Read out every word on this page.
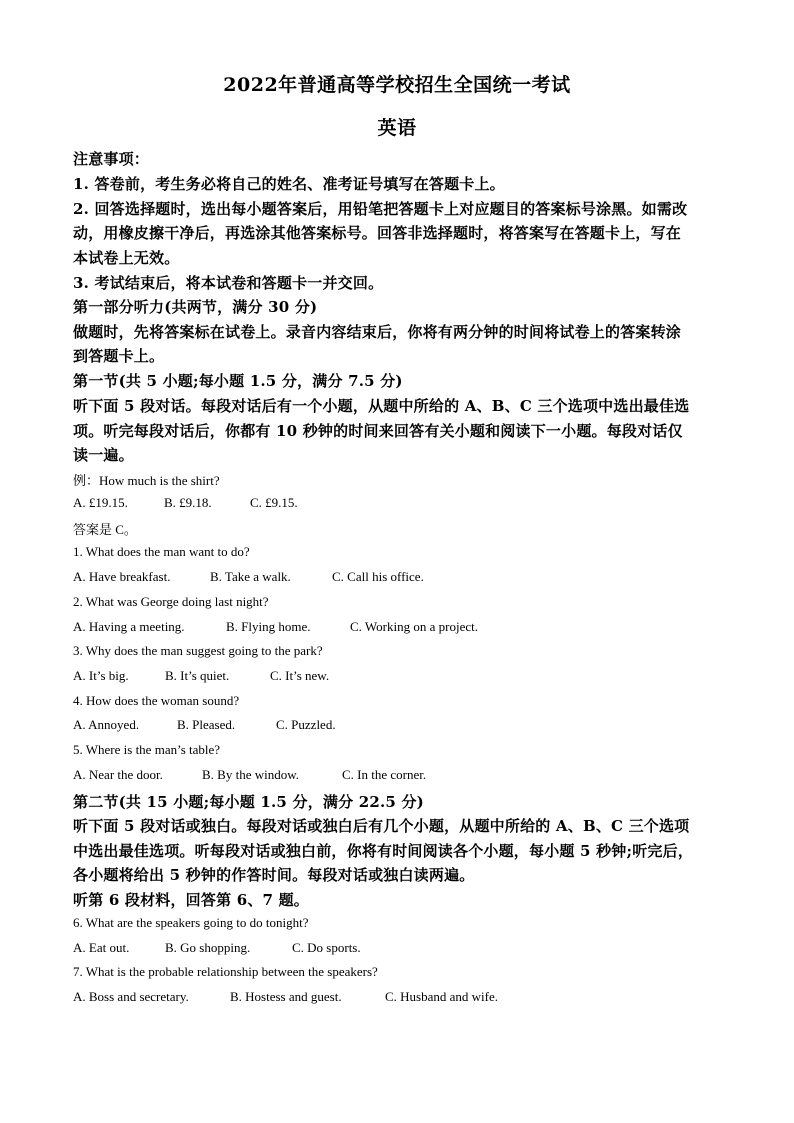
2022年普通高等学校招生全国统一考试
英语
注意事项：
1. 答卷前，考生务必将自己的姓名、准考证号填写在答题卡上。
2. 回答选择题时，选出每小题答案后，用铅笔把答题卡上对应题目的答案标号涂黑。如需改
动，用橡皮擦干净后，再选涂其他答案标号。回答非选择题时，将答案写在答题卡上，写在
本试卷上无效。
3. 考试结束后，将本试卷和答题卡一并交回。
第一部分听力(共两节，满分 30 分)
做题时，先将答案标在试卷上。录音内容结束后，你将有两分钟的时间将试卷上的答案转涂
到答题卡上。
第一节(共 5 小题;每小题 1.5 分，满分 7.5 分)
听下面 5 段对话。每段对话后有一个小题，从题中所给的 A、B、C 三个选项中选出最佳选
项。听完每段对话后，你都有 10 秒钟的时间来回答有关小题和阅读下一小题。每段对话仅
读一遍。
例：How much is the shirt?
A. £19.15.	B. £9.18.	C. £9.15.
答案是 C。
1. What does the man want to do?
A. Have breakfast.	B. Take a walk.	C. Call his office.
2. What was George doing last night?
A. Having a meeting.	B. Flying home.	C. Working on a project.
3. Why does the man suggest going to the park?
A. It’s big.	B. It’s quiet.	C. It’s new.
4. How does the woman sound?
A. Annoyed.	B. Pleased.	C. Puzzled.
5. Where is the man’s table?
A. Near the door.	B. By the window.	C. In the corner.
第二节(共 15 小题;每小题 1.5 分，满分 22.5 分)
听下面 5 段对话或独白。每段对话或独白后有几个小题，从题中所给的 A、B、C 三个选项
中选出最佳选项。听每段对话或独白前，你将有时间阅读各个小题，每小题 5 秒钟;听完后，
各小题将给出 5 秒钟的作答时间。每段对话或独白读两遍。
听第 6 段材料，回答第 6、7 题。
6. What are the speakers going to do tonight?
A. Eat out.	B. Go shopping.	C. Do sports.
7. What is the probable relationship between the speakers?
A. Boss and secretary.	B. Hostess and guest.	C. Husband and wife.
